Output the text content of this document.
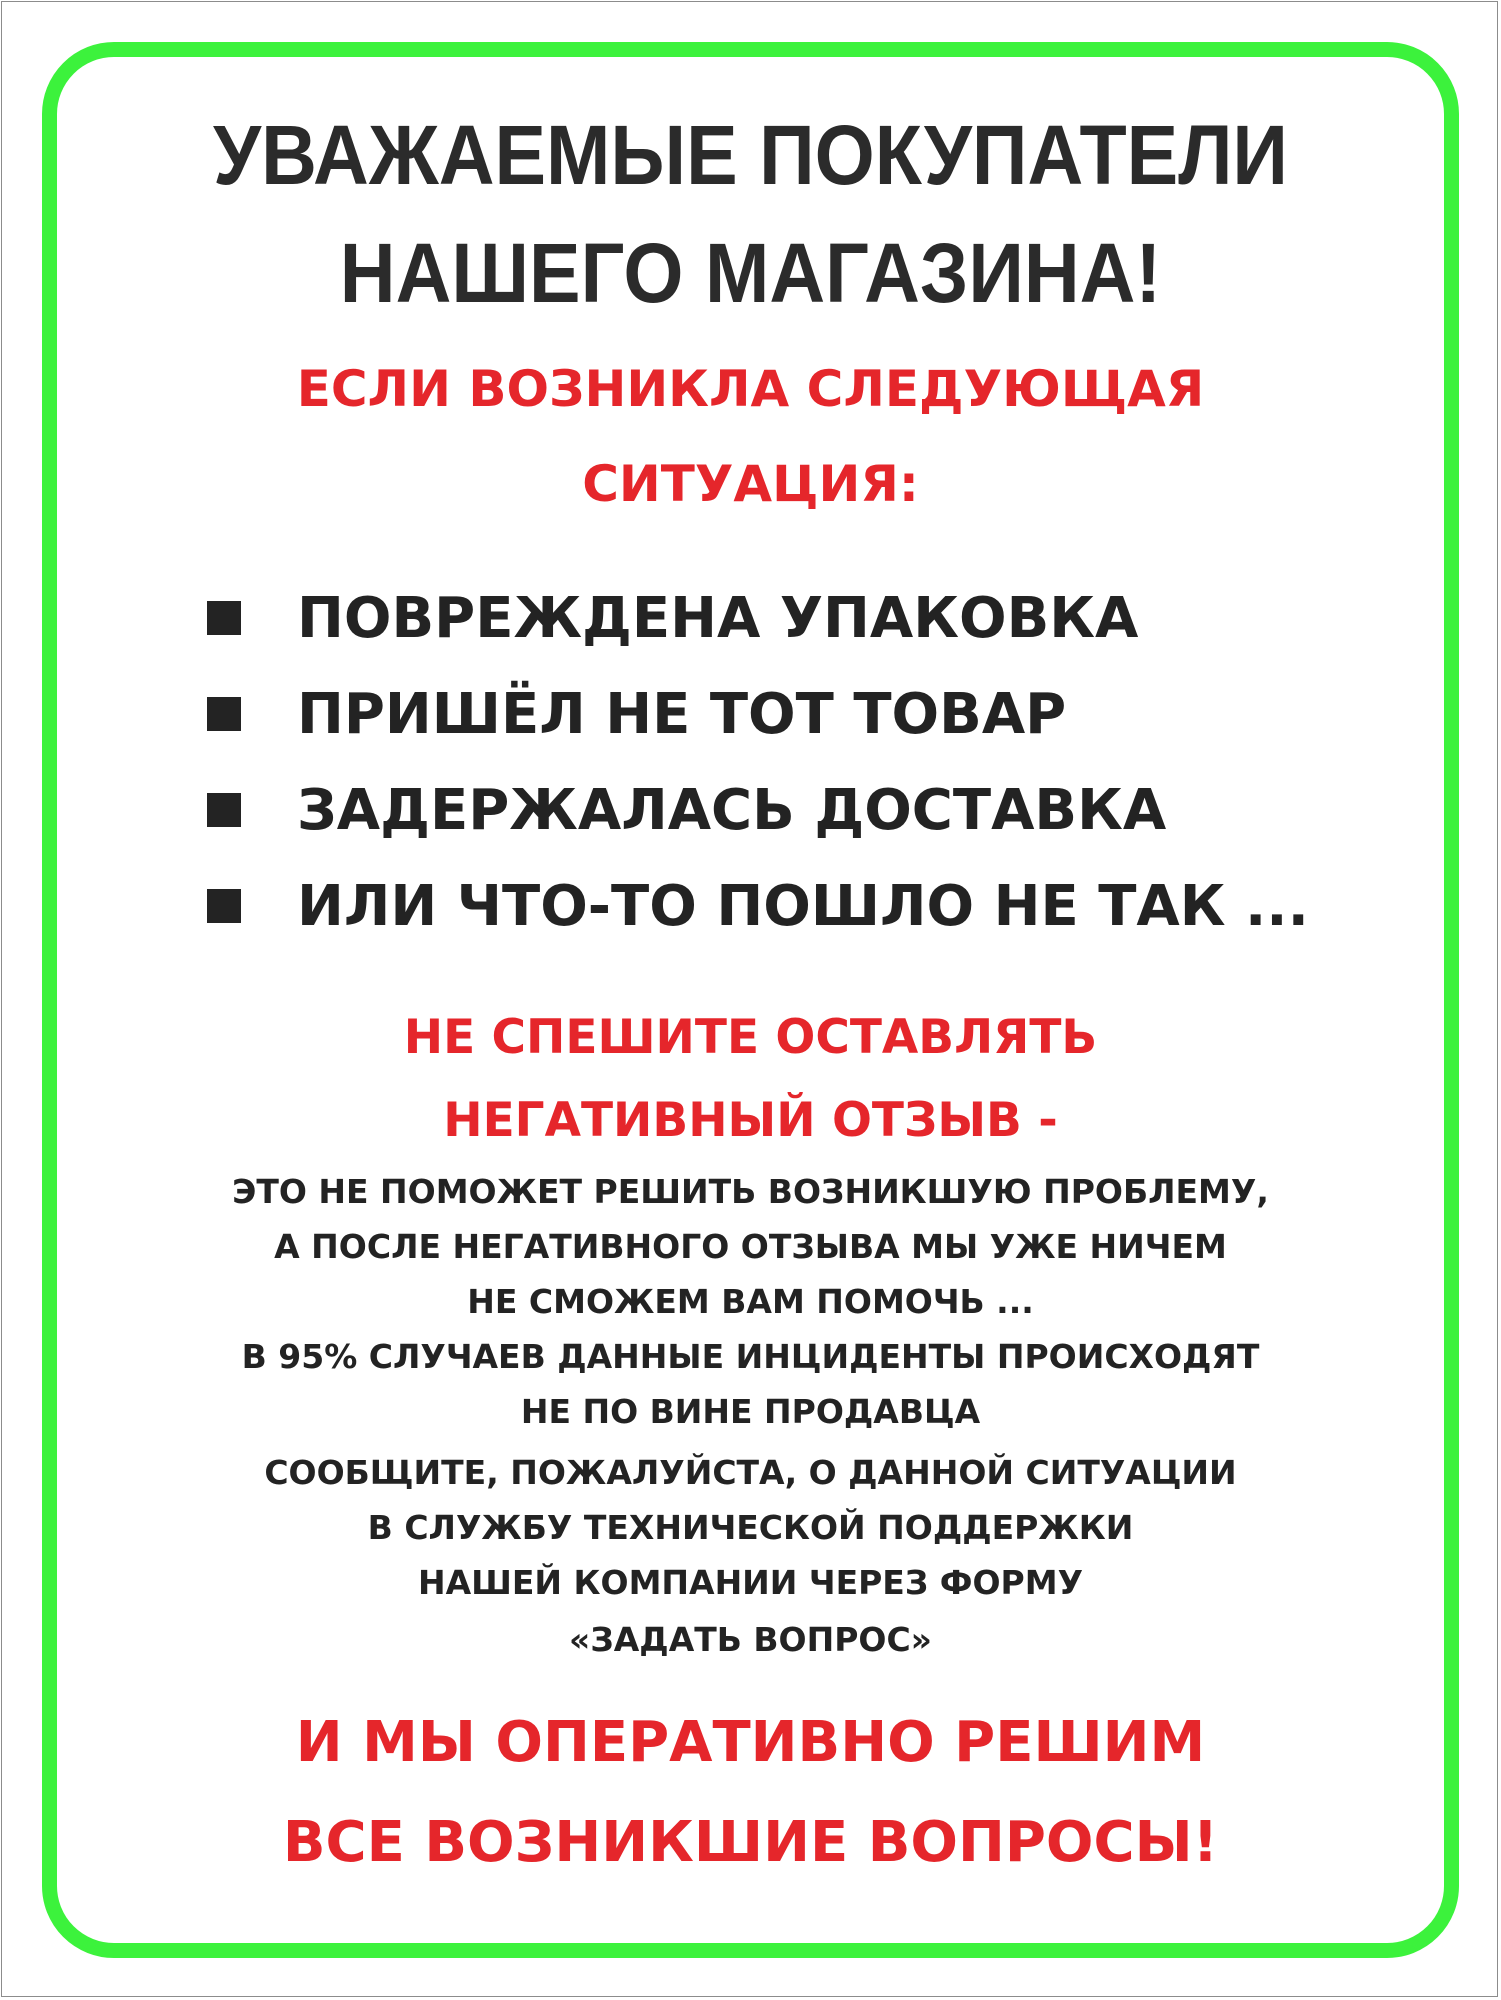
УВАЖАЕМЫЕ ПОКУПАТЕЛИ
НАШЕГО МАГАЗИНА!
ЕСЛИ ВОЗНИКЛА СЛЕДУЮЩАЯ
СИТУАЦИЯ:
ПОВРЕЖДЕНА УПАКОВКА
ПРИШЁЛ НЕ ТОТ ТОВАР
ЗАДЕРЖАЛАСЬ ДОСТАВКА
ИЛИ ЧТО-ТО ПОШЛО НЕ ТАК ...
НЕ СПЕШИТЕ ОСТАВЛЯТЬ
НЕГАТИВНЫЙ ОТЗЫВ -
ЭТО НЕ ПОМОЖЕТ РЕШИТЬ ВОЗНИКШУЮ ПРОБЛЕМУ,
А ПОСЛЕ НЕГАТИВНОГО ОТЗЫВА МЫ УЖЕ НИЧЕМ
НЕ СМОЖЕМ ВАМ ПОМОЧЬ ...
В 95% СЛУЧАЕВ ДАННЫЕ ИНЦИДЕНТЫ ПРОИСХОДЯТ
НЕ ПО ВИНЕ ПРОДАВЦА
СООБЩИТЕ, ПОЖАЛУЙСТА, О ДАННОЙ СИТУАЦИИ
В СЛУЖБУ ТЕХНИЧЕСКОЙ ПОДДЕРЖКИ
НАШЕЙ КОМПАНИИ ЧЕРЕЗ ФОРМУ
«ЗАДАТЬ ВОПРОС»
И МЫ ОПЕРАТИВНО РЕШИМ
ВСЕ ВОЗНИКШИЕ ВОПРОСЫ!
